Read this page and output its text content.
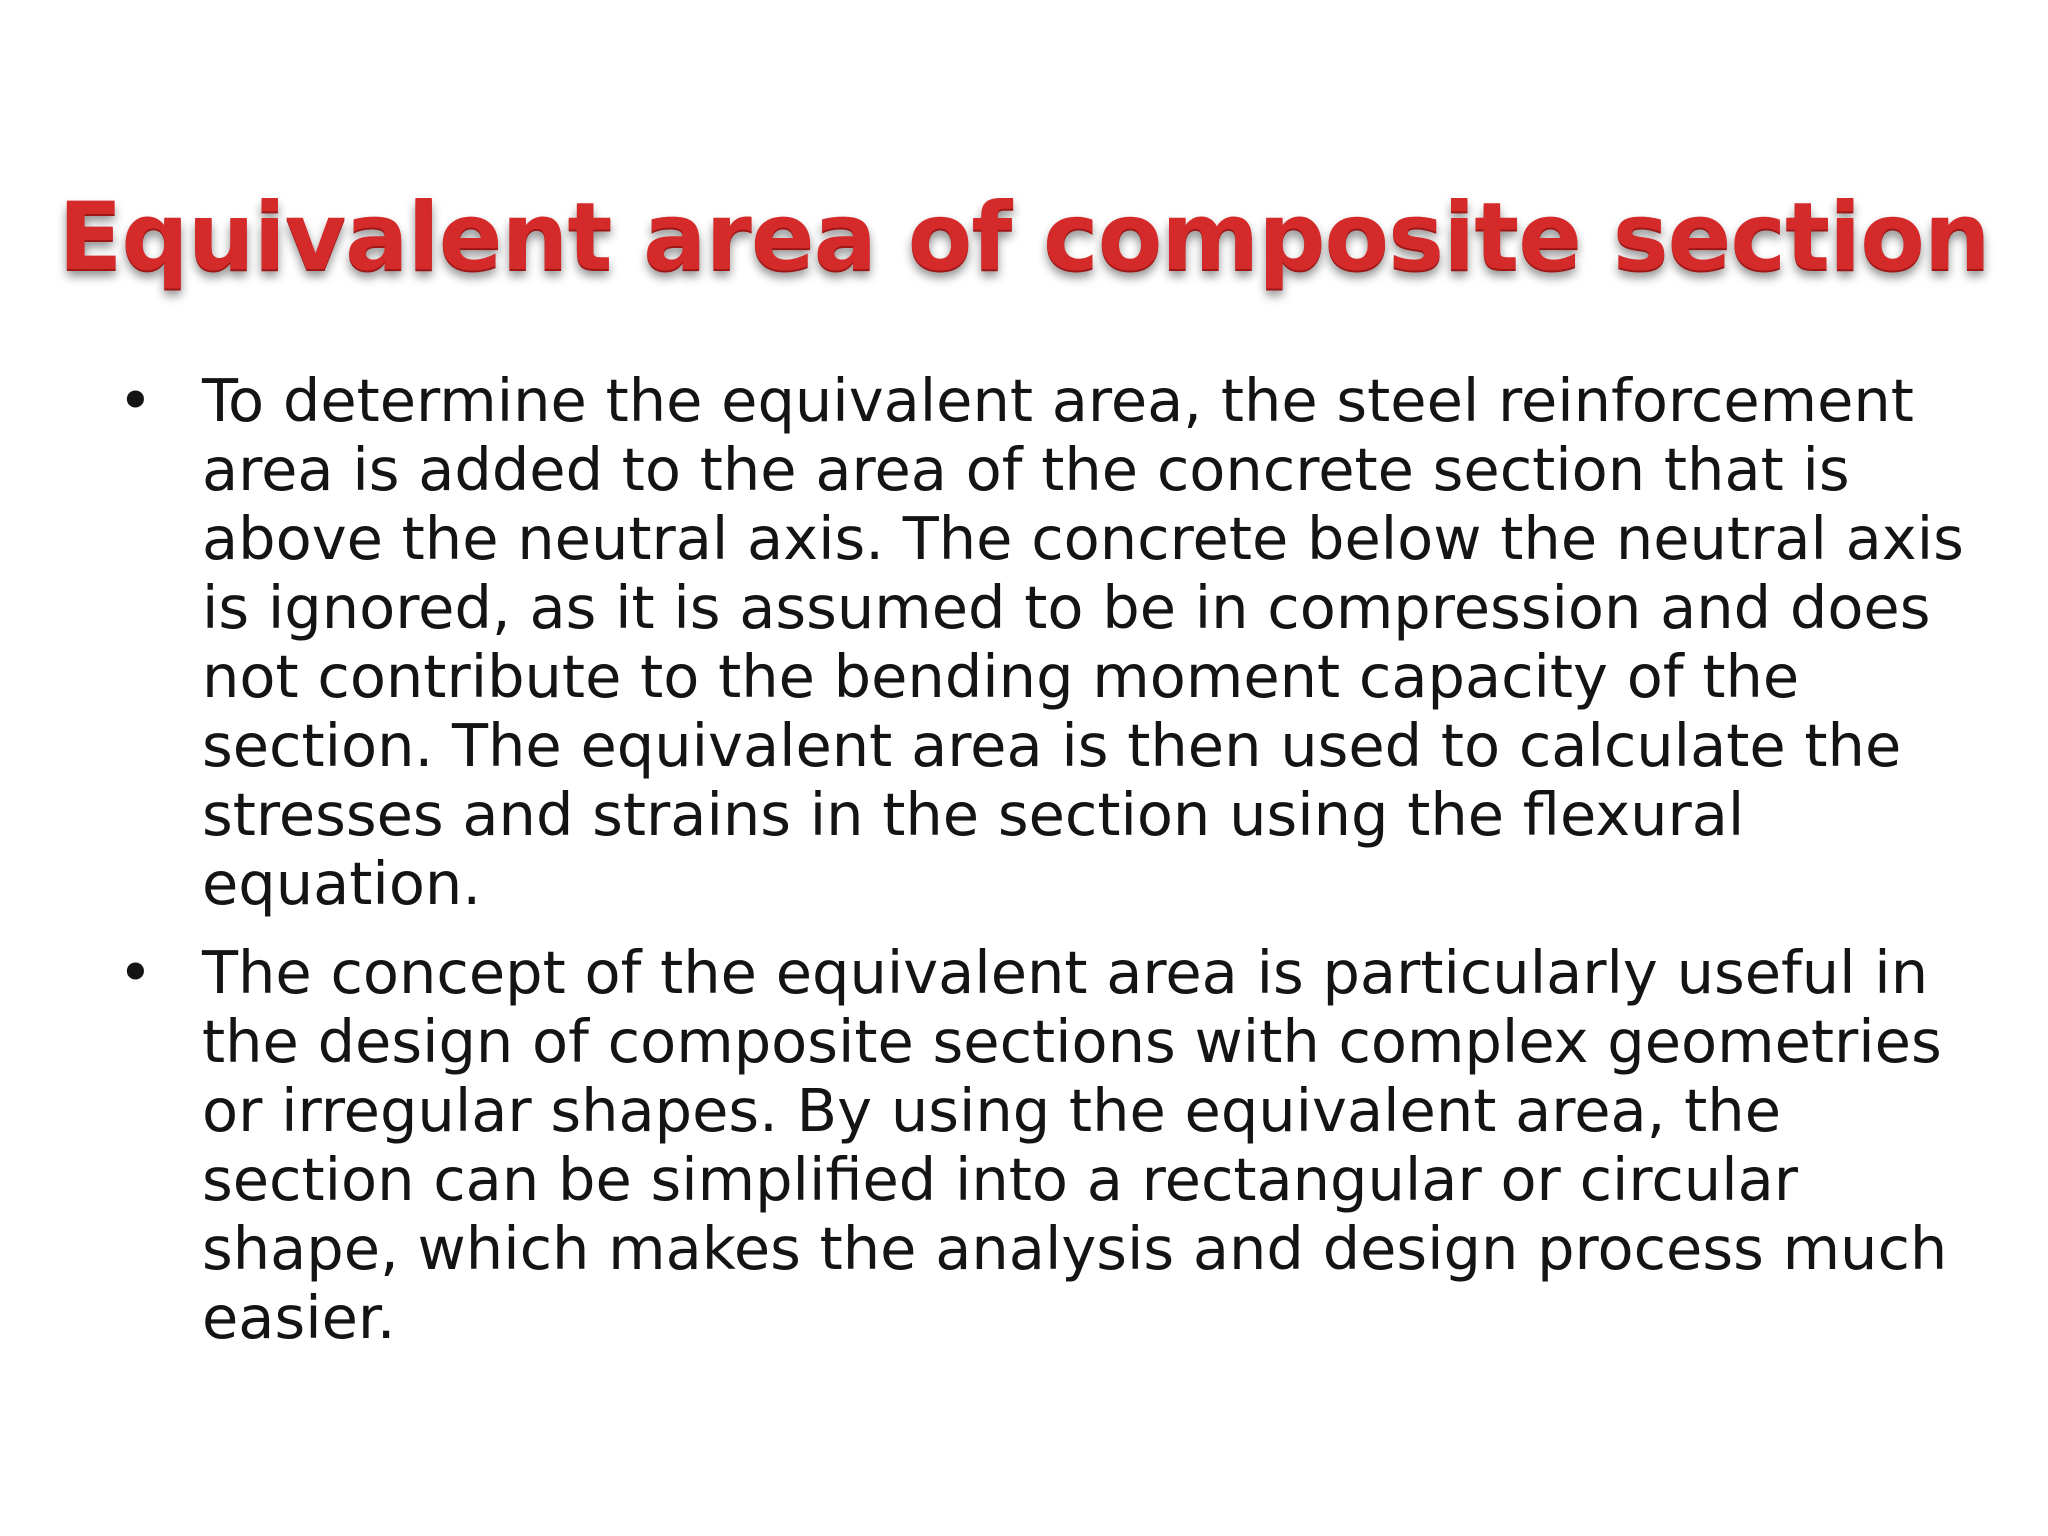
Equivalent area of composite section
• To determine the equivalent area, the steel reinforcement area is added to the area of the concrete section that is above the neutral axis. The concrete below the neutral axis is ignored, as it is assumed to be in compression and does not contribute to the bending moment capacity of the section. The equivalent area is then used to calculate the stresses and strains in the section using the flexural equation.
• The concept of the equivalent area is particularly useful in the design of composite sections with complex geometries or irregular shapes. By using the equivalent area, the section can be simplified into a rectangular or circular shape, which makes the analysis and design process much easier.
